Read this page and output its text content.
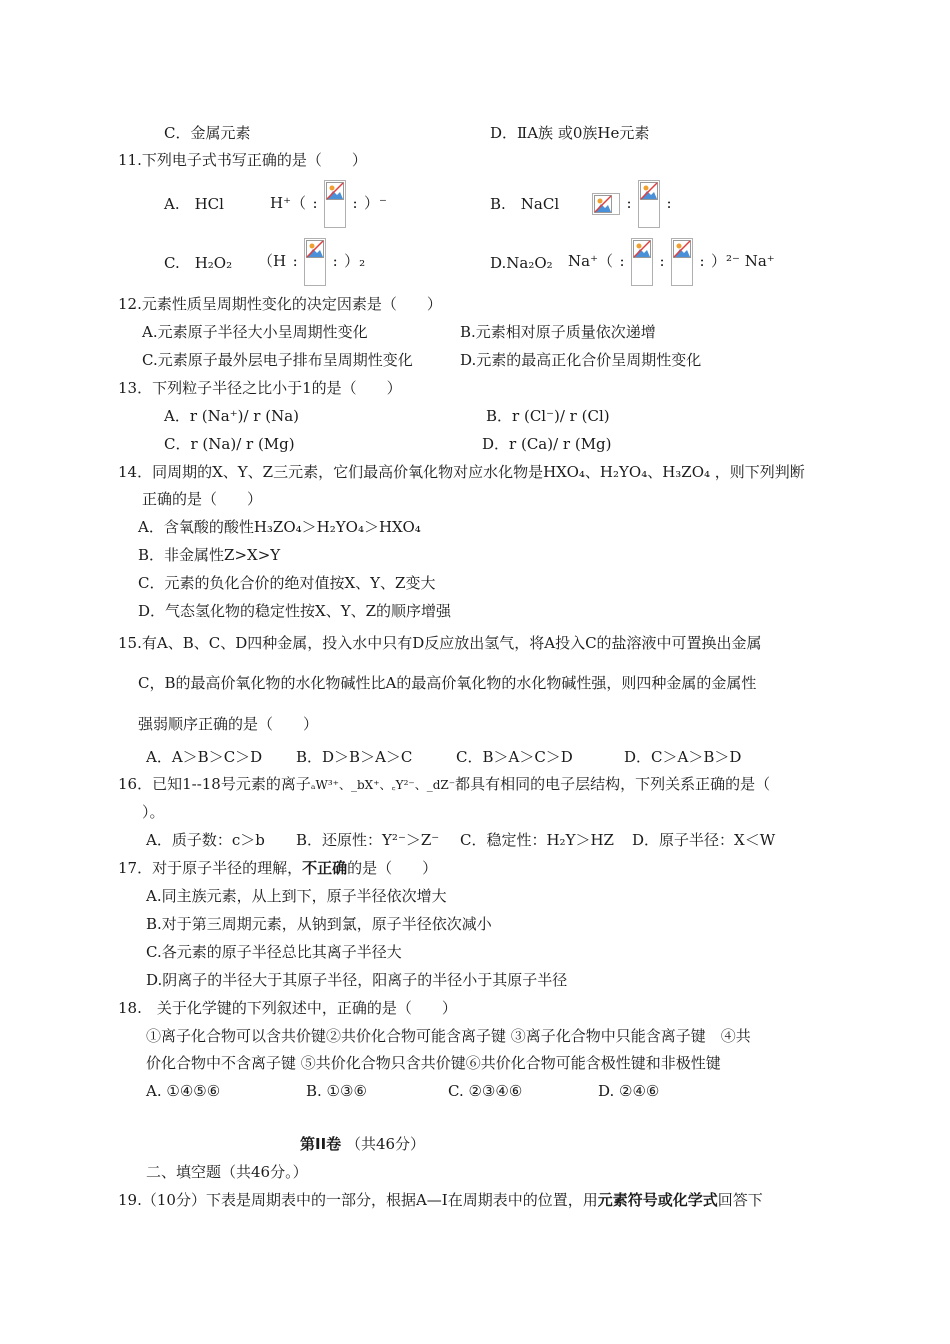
C．金属元素	D．ⅡA族 或0族He元素
11.下列电子式书写正确的是（　　）
A.　HCl	H⁺（ : : ）⁻	B.　NaCl	: :
C.　H₂O₂ （H : : ）₂	D.Na₂O₂ Na⁺（ : : : ）²⁻ Na⁺
12.元素性质呈周期性变化的决定因素是（　　）
A.元素原子半径大小呈周期性变化	B.元素相对原子质量依次递增
C.元素原子最外层电子排布呈周期性变化	D.元素的最高正化合价呈周期性变化
13．下列粒子半径之比小于1的是（　　）
A．r (Na⁺)/ r (Na)	B．r (Cl⁻)/ r (Cl)
C．r (Na)/ r (Mg)	D．r (Ca)/ r (Mg)
14．同周期的X、Y、Z三元素，它们最高价氧化物对应水化物是HXO₄、H₂YO₄、H₃ZO₄ ，则下列判断
正确的是（　　）
A．含氧酸的酸性H₃ZO₄＞H₂YO₄＞HXO₄
B．非金属性Z>X>Y
C．元素的负化合价的绝对值按X、Y、Z变大
D．气态氢化物的稳定性按X、Y、Z的顺序增强
15.有A、B、C、D四种金属，投入水中只有D反应放出氢气，将A投入C的盐溶液中可置换出金属
C，B的最高价氧化物的水化物碱性比A的最高价氧化物的水化物碱性强，则四种金属的金属性
强弱顺序正确的是（　　）
A．A＞B＞C＞D B．D＞B＞A＞C	C．B＞A＞C＞D	D．C＞A＞B＞D
16．已知1--18号元素的离子ₐW³⁺、_bX⁺、꜀Y²⁻、_dZ⁻都具有相同的电子层结构，下列关系正确的是（
）。
A．质子数：c＞b B．还原性：Y²⁻＞Z⁻ C．稳定性：H₂Y＞HZ D．原子半径：X＜W
17．对于原子半径的理解，不正确的是（　　）
A.同主族元素，从上到下，原子半径依次增大
B.对于第三周期元素，从钠到氯，原子半径依次减小
C.各元素的原子半径总比其离子半径大
D.阴离子的半径大于其原子半径，阳离子的半径小于其原子半径
18.　关于化学键的下列叙述中，正确的是（　　）
①离子化合物可以含共价键②共价化合物可能含离子键 ③离子化合物中只能含离子键　④共
价化合物中不含离子键 ⑤共价化合物只含共价键⑥共价化合物可能含极性键和非极性键
A. ①④⑤⑥	B. ①③⑥	C. ②③④⑥	D. ②④⑥
第II卷 （共46分）
二、填空题（共46分。）
19.（10分）下表是周期表中的一部分，根据A—I在周期表中的位置，用元素符号或化学式回答下
